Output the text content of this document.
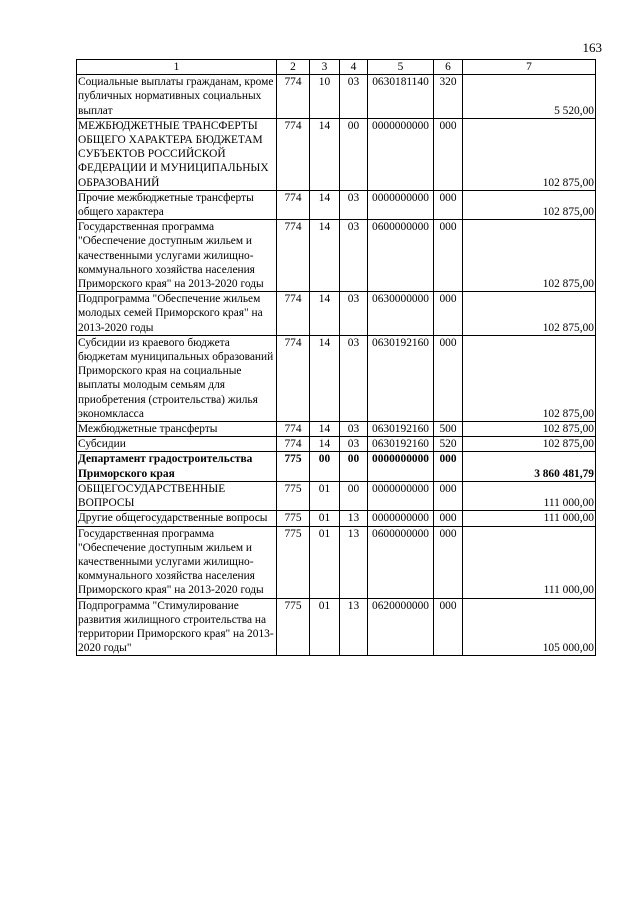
163
1	2	3	4	5	6	7
Социальные выплаты гражданам, кроме публичных нормативных социальных выплат	774	10	03	0630181140	320	5 520,00
МЕЖБЮДЖЕТНЫЕ ТРАНСФЕРТЫ ОБЩЕГО ХАРАКТЕРА БЮДЖЕТАМ СУБЪЕКТОВ РОССИЙСКОЙ ФЕДЕРАЦИИ И МУНИЦИПАЛЬНЫХ ОБРАЗОВАНИЙ	774	14	00	0000000000	000	102 875,00
Прочие межбюджетные трансферты общего характера	774	14	03	0000000000	000	102 875,00
Государственная программа "Обеспечение доступным жильем и качественными услугами жилищно-коммунального хозяйства населения Приморского края" на 2013-2020 годы	774	14	03	0600000000	000	102 875,00
Подпрограмма "Обеспечение жильем молодых семей Приморского края" на 2013-2020 годы	774	14	03	0630000000	000	102 875,00
Субсидии из краевого бюджета бюджетам муниципальных образований Приморского края на социальные выплаты молодым семьям для приобретения (строительства) жилья экономкласса	774	14	03	0630192160	000	102 875,00
Межбюджетные трансферты	774	14	03	0630192160	500	102 875,00
Субсидии	774	14	03	0630192160	520	102 875,00
Департамент градостроительства Приморского края	775	00	00	0000000000	000	3 860 481,79
ОБЩЕГОСУДАРСТВЕННЫЕ ВОПРОСЫ	775	01	00	0000000000	000	111 000,00
Другие общегосударственные вопросы	775	01	13	0000000000	000	111 000,00
Государственная программа "Обеспечение доступным жильем и качественными услугами жилищно-коммунального хозяйства населения Приморского края" на 2013-2020 годы	775	01	13	0600000000	000	111 000,00
Подпрограмма "Стимулирование развития жилищного строительства на территории Приморского края" на 2013-2020 годы"	775	01	13	0620000000	000	105 000,00
